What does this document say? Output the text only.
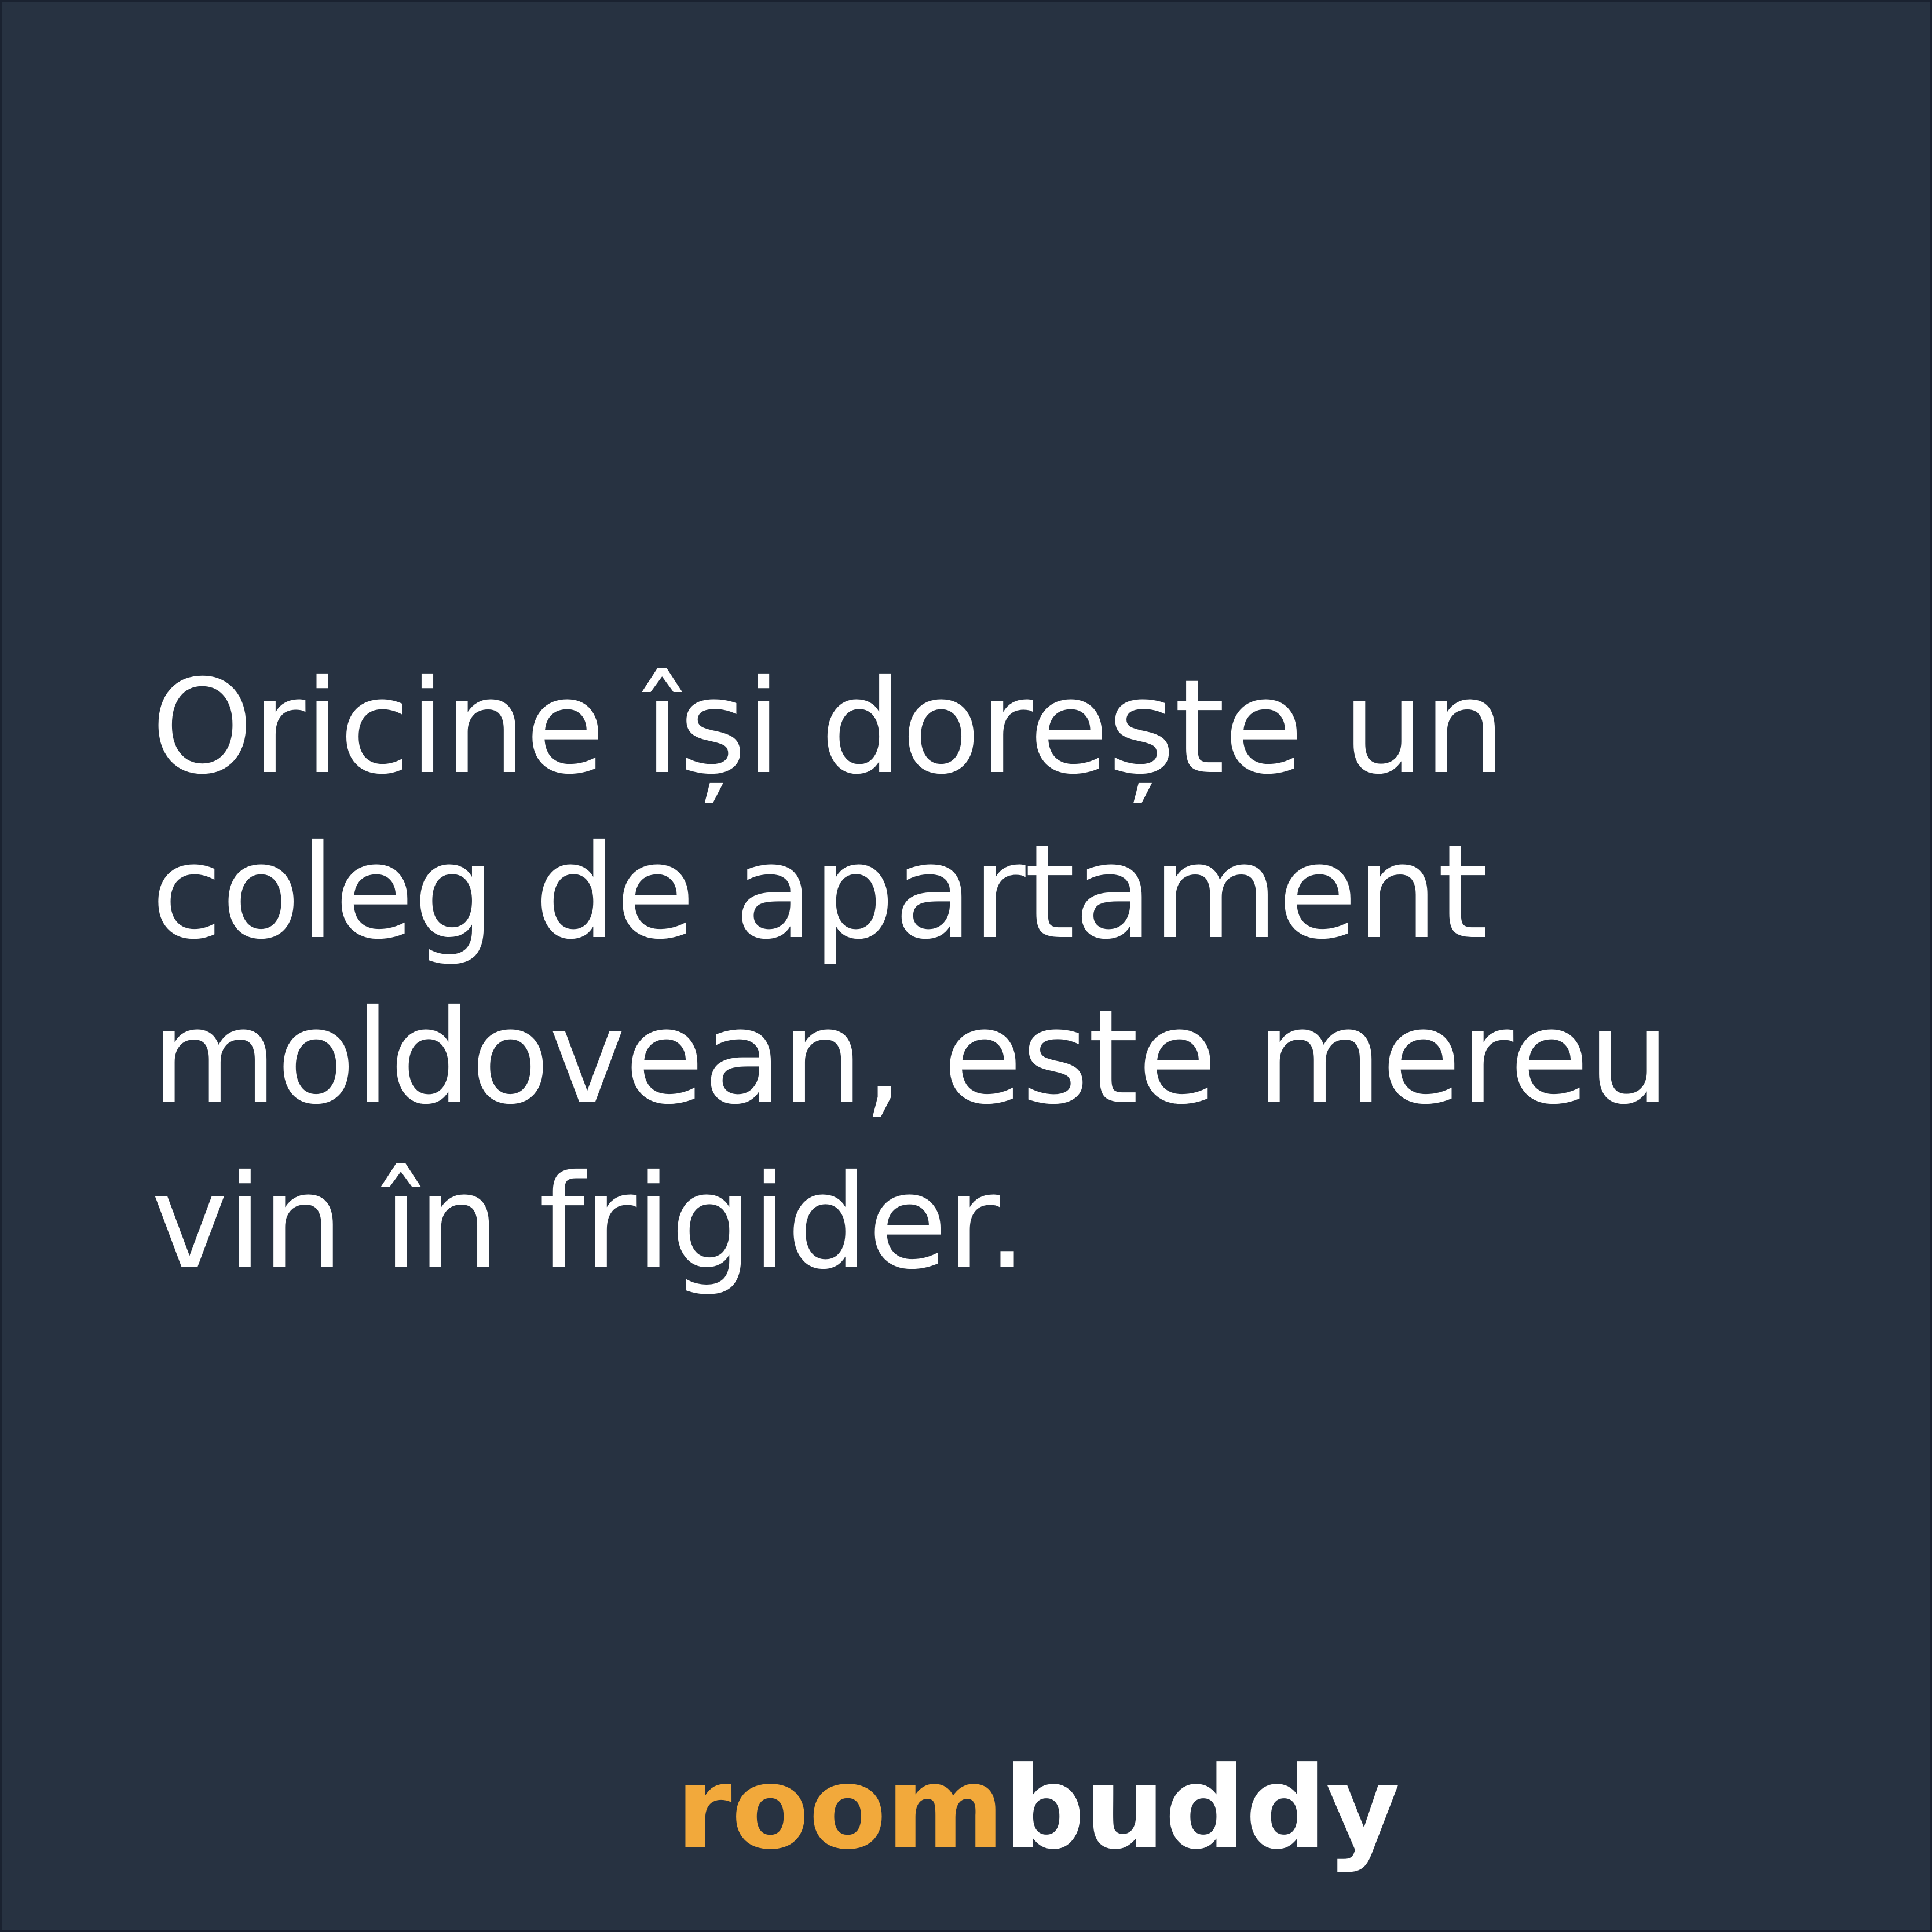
Oricine își dorește un
coleg de apartament
moldovean, este mereu
vin în frigider.

roombuddy
